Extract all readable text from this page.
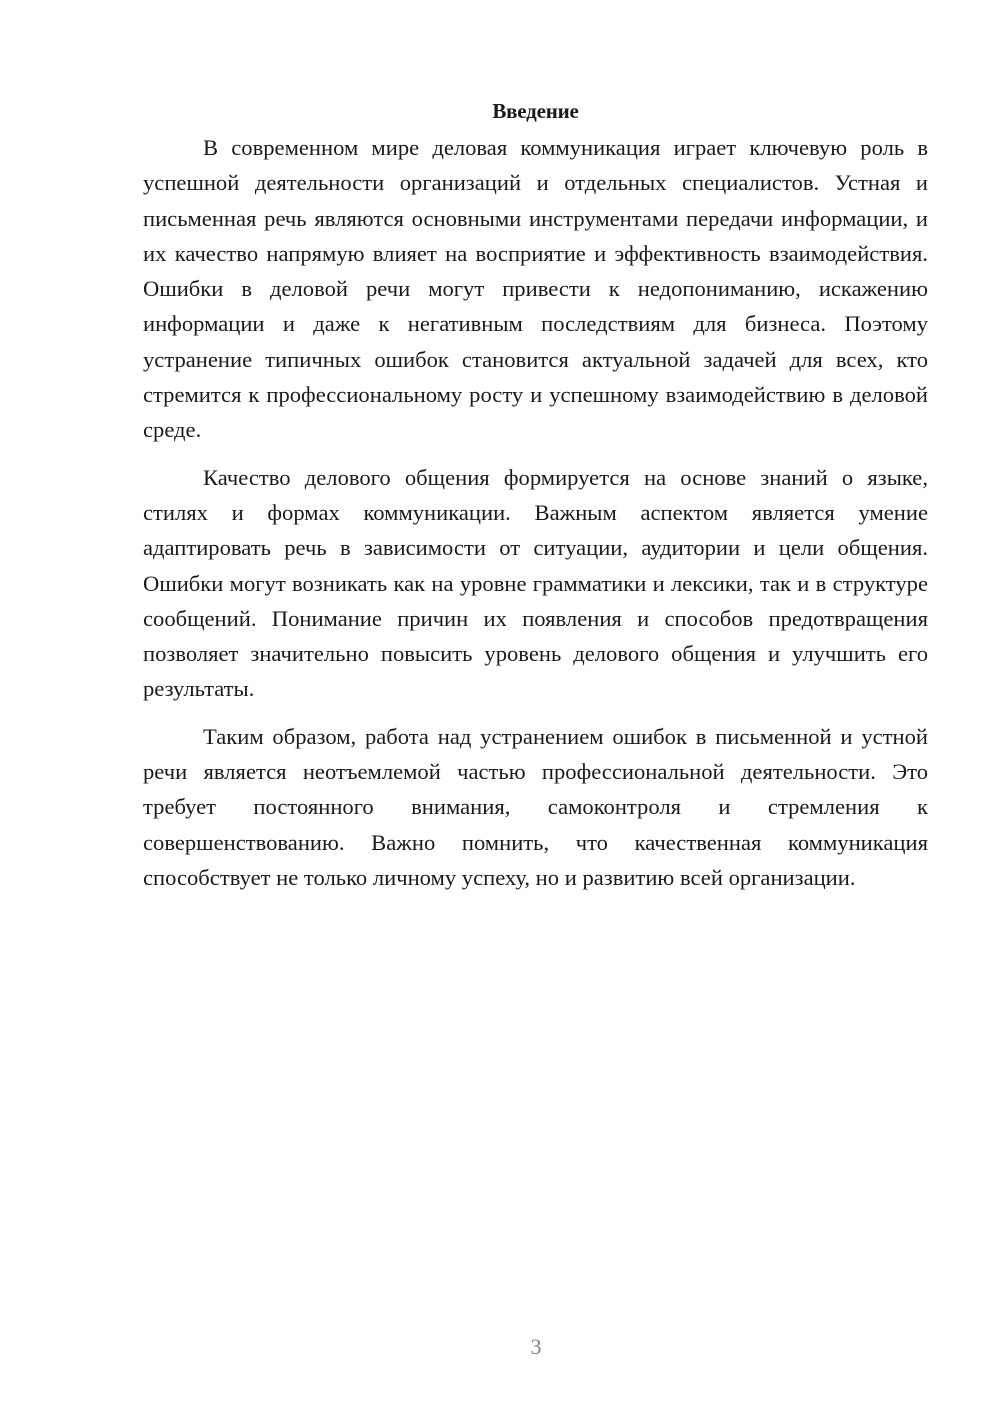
Введение

В современном мире деловая коммуникация играет ключевую роль в успешной деятельности организаций и отдельных специалистов. Устная и письменная речь являются основными инструментами передачи информации, и их качество напрямую влияет на восприятие и эффективность взаимодействия. Ошибки в деловой речи могут привести к недопониманию, искажению информации и даже к негативным последствиям для бизнеса. Поэтому устранение типичных ошибок становится актуальной задачей для всех, кто стремится к профессиональному росту и успешному взаимодействию в деловой среде.

Качество делового общения формируется на основе знаний о языке, стилях и формах коммуникации. Важным аспектом является умение адаптировать речь в зависимости от ситуации, аудитории и цели общения. Ошибки могут возникать как на уровне грамматики и лексики, так и в структуре сообщений. Понимание причин их появления и способов предотвращения позволяет значительно повысить уровень делового общения и улучшить его результаты.

Таким образом, работа над устранением ошибок в письменной и устной речи является неотъемлемой частью профессиональной деятельности. Это требует постоянного внимания, самоконтроля и стремления к совершенствованию. Важно помнить, что качественная коммуникация способствует не только личному успеху, но и развитию всей организации.

3
